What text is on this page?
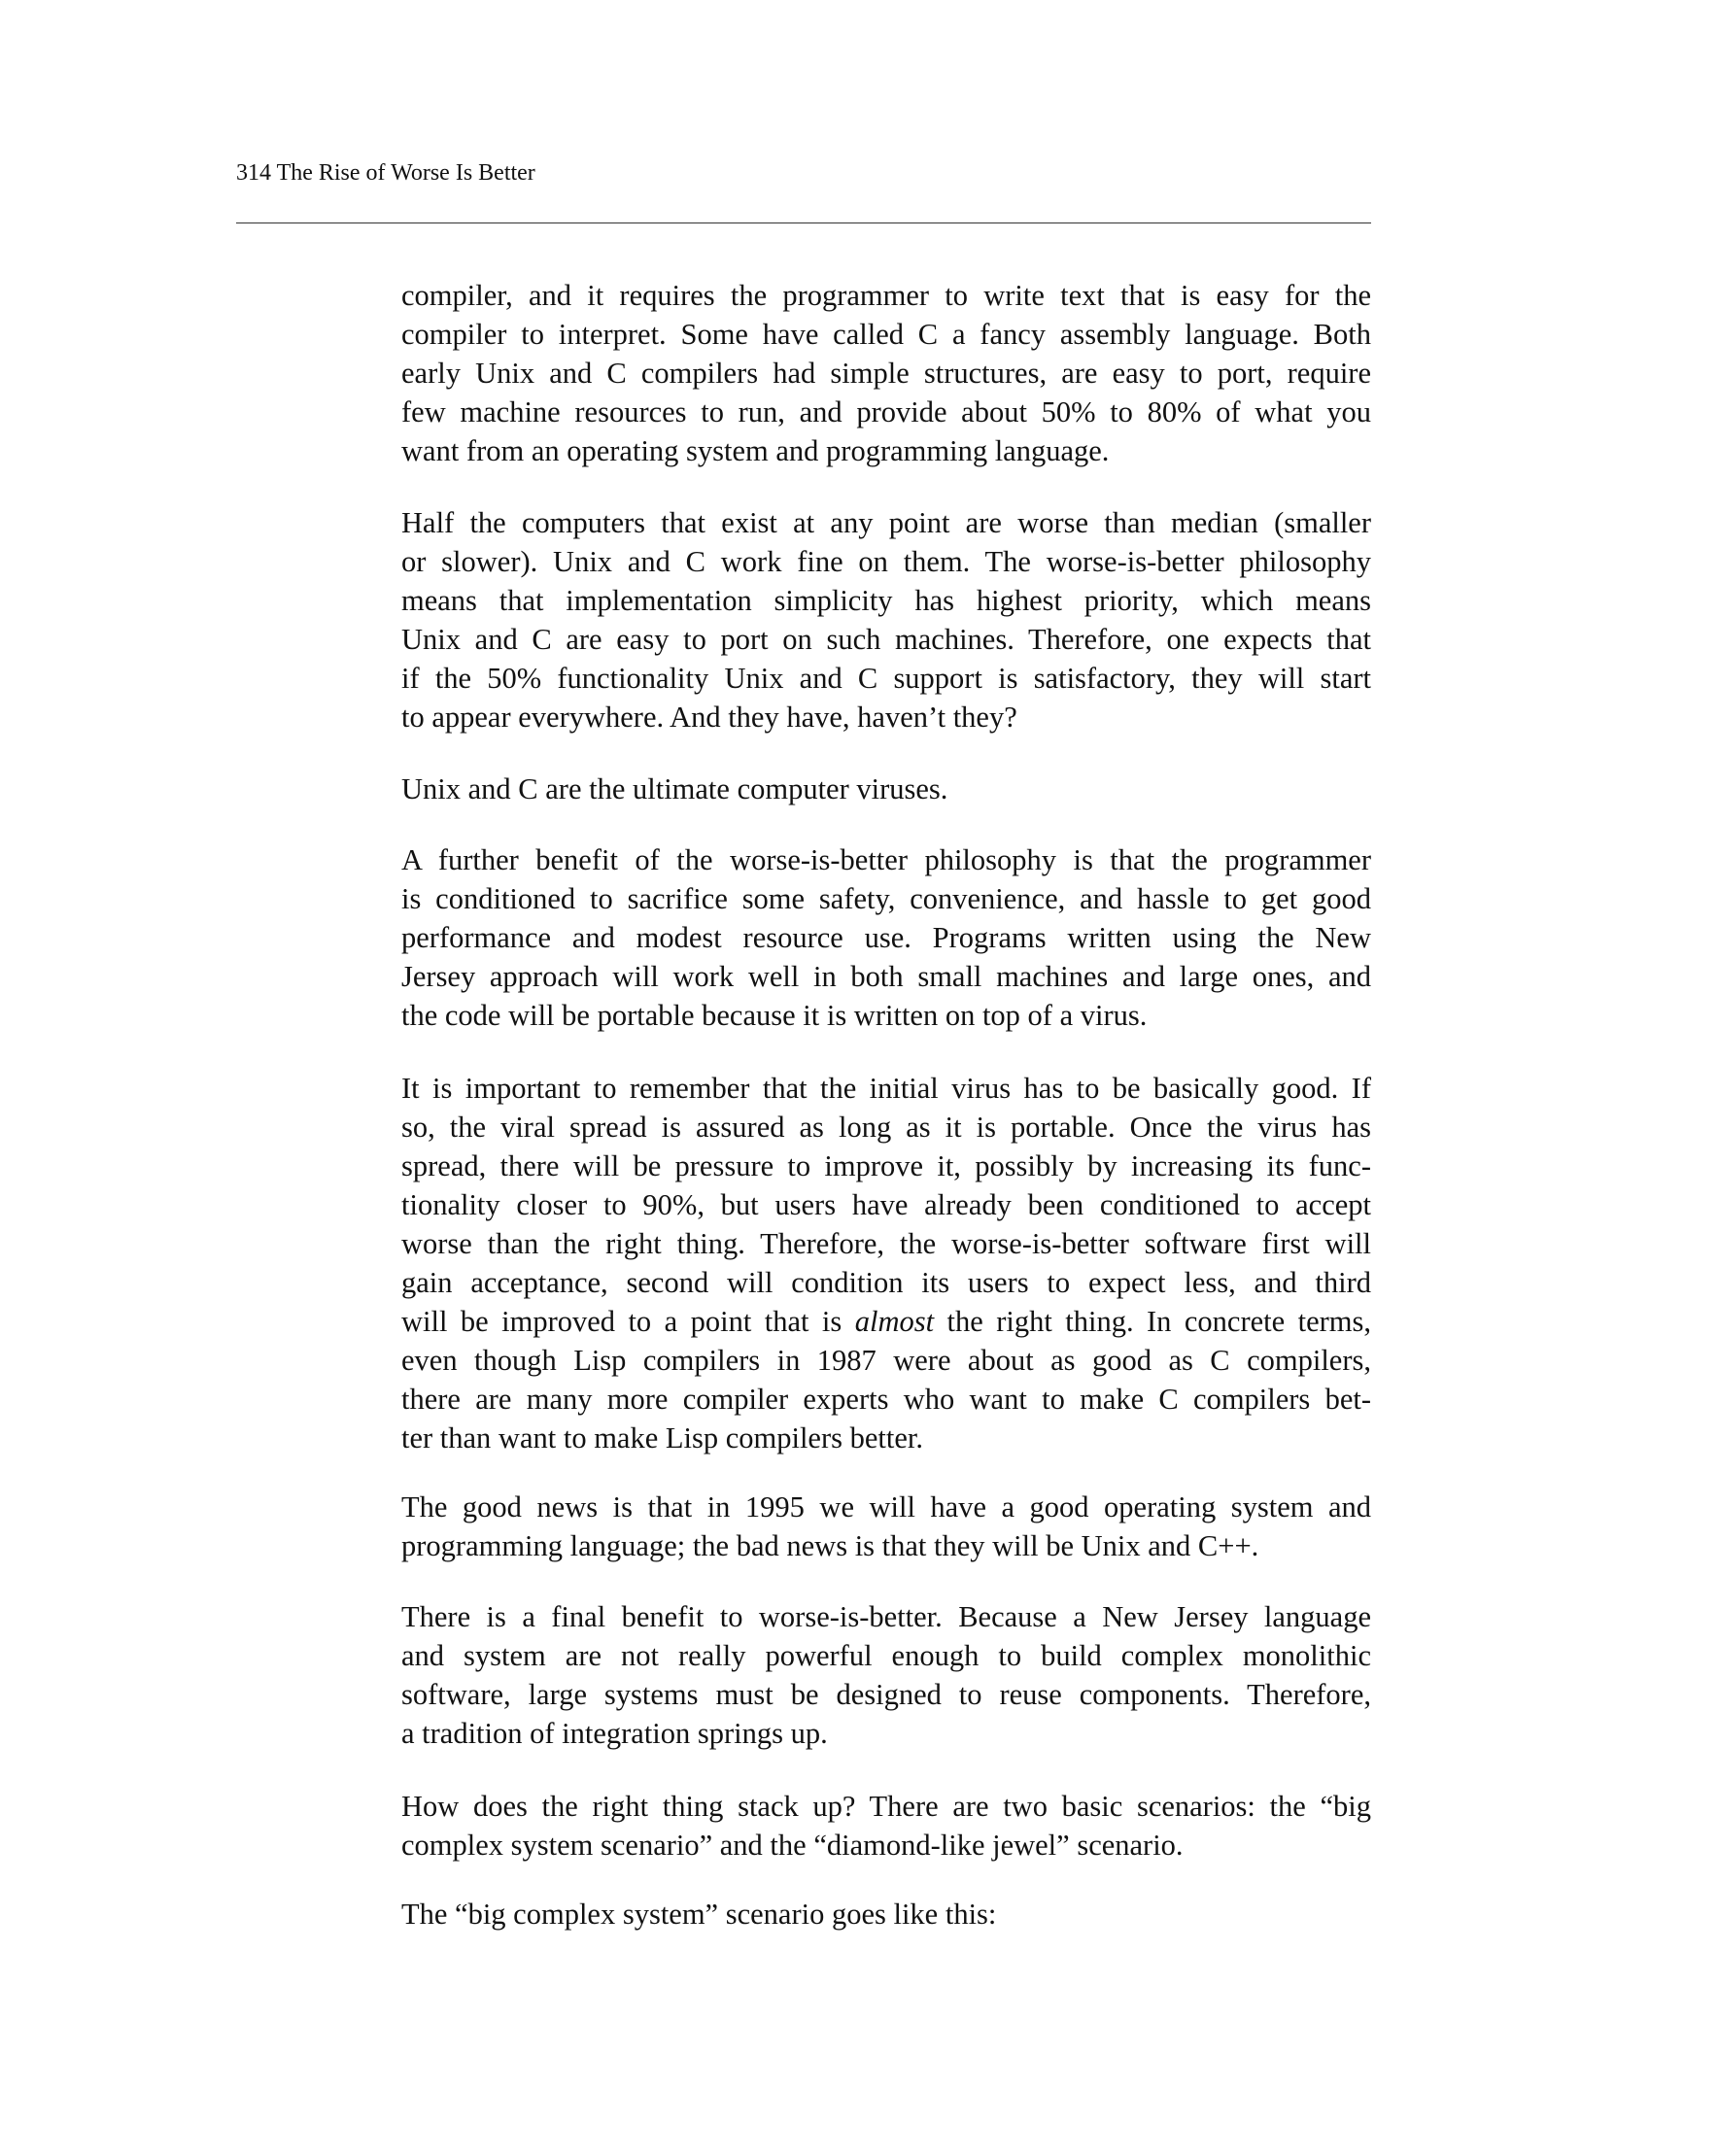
314 The Rise of Worse Is Better
compiler, and it requires the programmer to write text that is easy for the
compiler to interpret. Some have called C a fancy assembly language. Both
early Unix and C compilers had simple structures, are easy to port, require
few machine resources to run, and provide about 50% to 80% of what you
want from an operating system and programming language.
Half the computers that exist at any point are worse than median (smaller
or slower). Unix and C work fine on them. The worse-is-better philosophy
means that implementation simplicity has highest priority, which means
Unix and C are easy to port on such machines. Therefore, one expects that
if the 50% functionality Unix and C support is satisfactory, they will start
to appear everywhere. And they have, haven’t they?
Unix and C are the ultimate computer viruses.
A further benefit of the worse-is-better philosophy is that the programmer
is conditioned to sacrifice some safety, convenience, and hassle to get good
performance and modest resource use. Programs written using the New
Jersey approach will work well in both small machines and large ones, and
the code will be portable because it is written on top of a virus.
It is important to remember that the initial virus has to be basically good. If
so, the viral spread is assured as long as it is portable. Once the virus has
spread, there will be pressure to improve it, possibly by increasing its func-
tionality closer to 90%, but users have already been conditioned to accept
worse than the right thing. Therefore, the worse-is-better software first will
gain acceptance, second will condition its users to expect less, and third
will be improved to a point that is almost the right thing. In concrete terms,
even though Lisp compilers in 1987 were about as good as C compilers,
there are many more compiler experts who want to make C compilers bet-
ter than want to make Lisp compilers better.
The good news is that in 1995 we will have a good operating system and
programming language; the bad news is that they will be Unix and C++.
There is a final benefit to worse-is-better. Because a New Jersey language
and system are not really powerful enough to build complex monolithic
software, large systems must be designed to reuse components. Therefore,
a tradition of integration springs up.
How does the right thing stack up? There are two basic scenarios: the “big
complex system scenario” and the “diamond-like jewel” scenario.
The “big complex system” scenario goes like this:
